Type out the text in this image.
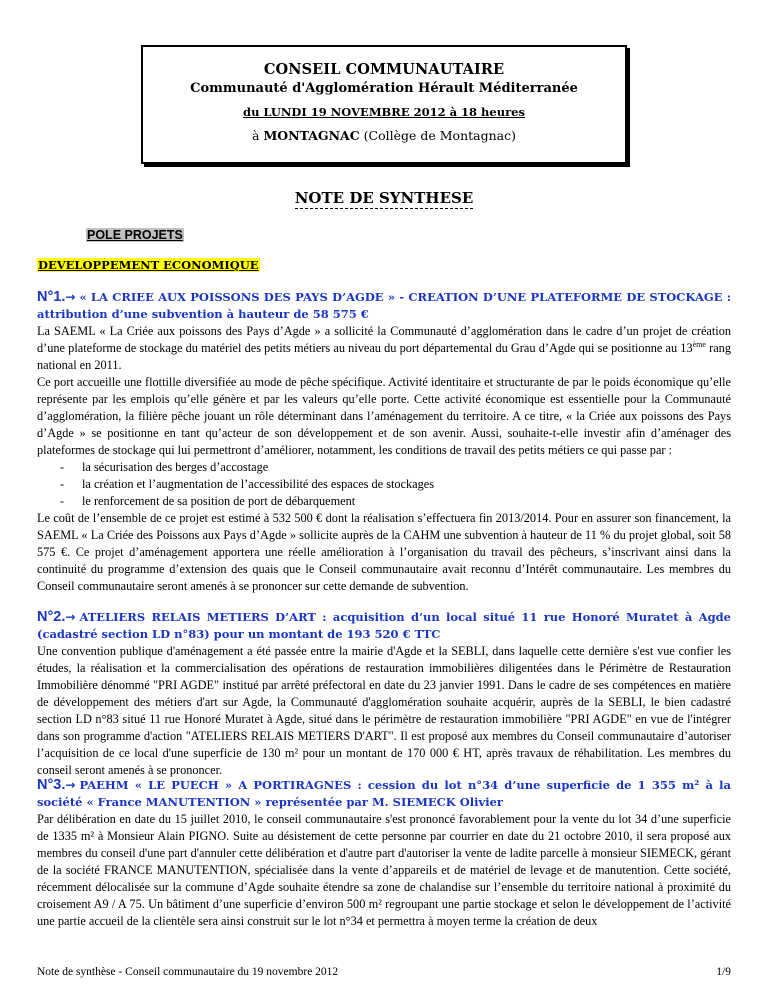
CONSEIL COMMUNAUTAIRE
Communauté d'Agglomération Hérault Méditerranée
du LUNDI 19 NOVEMBRE 2012 à 18 heures
à MONTAGNAC (Collège de Montagnac)
NOTE DE SYNTHESE
POLE PROJETS
DEVELOPPEMENT ECONOMIQUE
N°1.→ « LA CRIEE AUX POISSONS DES PAYS D’AGDE » - CREATION D’UNE PLATEFORME DE STOCKAGE : attribution d’une subvention à hauteur de 58 575 €

La SAEML « La Criée aux poissons des Pays d’Agde » a sollicité la Communauté d’agglomération dans le cadre d’un projet de création d’une plateforme de stockage du matériel des petits métiers au niveau du port départemental du Grau d’Agde qui se positionne au 13ème rang national en 2011.

Ce port accueille une flottille diversifiée au mode de pêche spécifique. Activité identitaire et structurante de par le poids économique qu’elle représente par les emplois qu’elle génère et par les valeurs qu’elle porte. Cette activité économique est essentielle pour la Communauté d’agglomération, la filière pêche jouant un rôle déterminant dans l’aménagement du territoire. A ce titre, « la Criée aux poissons des Pays d’Agde » se positionne en tant qu’acteur de son développement et de son avenir. Aussi, souhaite-t-elle investir afin d’aménager des plateformes de stockage qui lui permettront d’améliorer, notamment, les conditions de travail des petits métiers ce qui passe par :

- la sécurisation des berges d’accostage
- la création et l’augmentation de l’accessibilité des espaces de stockages
- le renforcement de sa position de port de débarquement

Le coût de l’ensemble de ce projet est estimé à 532 500 € dont la réalisation s’effectuera fin 2013/2014. Pour en assurer son financement, la SAEML « La Criée des Poissons aux Pays d’Agde » sollicite auprès de la CAHM une subvention à hauteur de 11 % du projet global, soit 58 575 €. Ce projet d’aménagement apportera une réelle amélioration à l’organisation du travail des pêcheurs, s’inscrivant ainsi dans la continuité du programme d’extension des quais que le Conseil communautaire avait reconnu d’Intérêt communautaire. Les membres du Conseil communautaire seront amenés à se prononcer sur cette demande de subvention.

N°2.→ ATELIERS RELAIS METIERS D’ART : acquisition d’un local situé 11 rue Honoré Muratet à Agde (cadastré section LD n°83) pour un montant de 193 520 € TTC

Une convention publique d'aménagement a été passée entre la mairie d'Agde et la SEBLI, dans laquelle cette dernière s'est vue confier les études, la réalisation et la commercialisation des opérations de restauration immobilières diligentées dans le Périmètre de Restauration Immobilière dénommé "PRI AGDE" institué par arrêté préfectoral en date du 23 janvier 1991. Dans le cadre de ses compétences en matière de développement des métiers d'art sur Agde, la Communauté d'agglomération souhaite acquérir, auprès de la SEBLI, le bien cadastré section LD n°83 situé 11 rue Honoré Muratet à Agde, situé dans le périmètre de restauration immobilière "PRI AGDE" en vue de l'intégrer dans son programme d'action "ATELIERS RELAIS METIERS D'ART". Il est proposé aux membres du Conseil communautaire d’autoriser l’acquisition de ce local d'une superficie de 130 m² pour un montant de 170 000 € HT, après travaux de réhabilitation. Les membres du conseil seront amenés à se prononcer.

N°3.→ PAEHM « LE PUECH » A PORTIRAGNES : cession du lot n°34 d’une superficie de 1 355 m² à la société « France MANUTENTION » représentée par M. SIEMECK Olivier

Par délibération en date du 15 juillet 2010, le conseil communautaire s'est prononcé favorablement pour la vente du lot 34 d’une superficie de 1335 m² à Monsieur Alain PIGNO. Suite au désistement de cette personne par courrier en date du 21 octobre 2010, il sera proposé aux membres du conseil d'une part d'annuler cette délibération et d'autre part d'autoriser la vente de ladite parcelle à monsieur SIEMECK, gérant de la société FRANCE MANUTENTION, spécialisée dans la vente d’appareils et de matériel de levage et de manutention. Cette société, récemment délocalisée sur la commune d’Agde souhaite étendre sa zone de chalandise sur l’ensemble du territoire national à proximité du croisement A9 / A 75. Un bâtiment d’une superficie d’environ 500 m² regroupant une partie stockage et selon le développement de l’activité une partie accueil de la clientèle sera ainsi construit sur le lot n°34 et permettra à moyen terme la création de deux

Note de synthèse - Conseil communautaire du 19 novembre 2012	1/9
